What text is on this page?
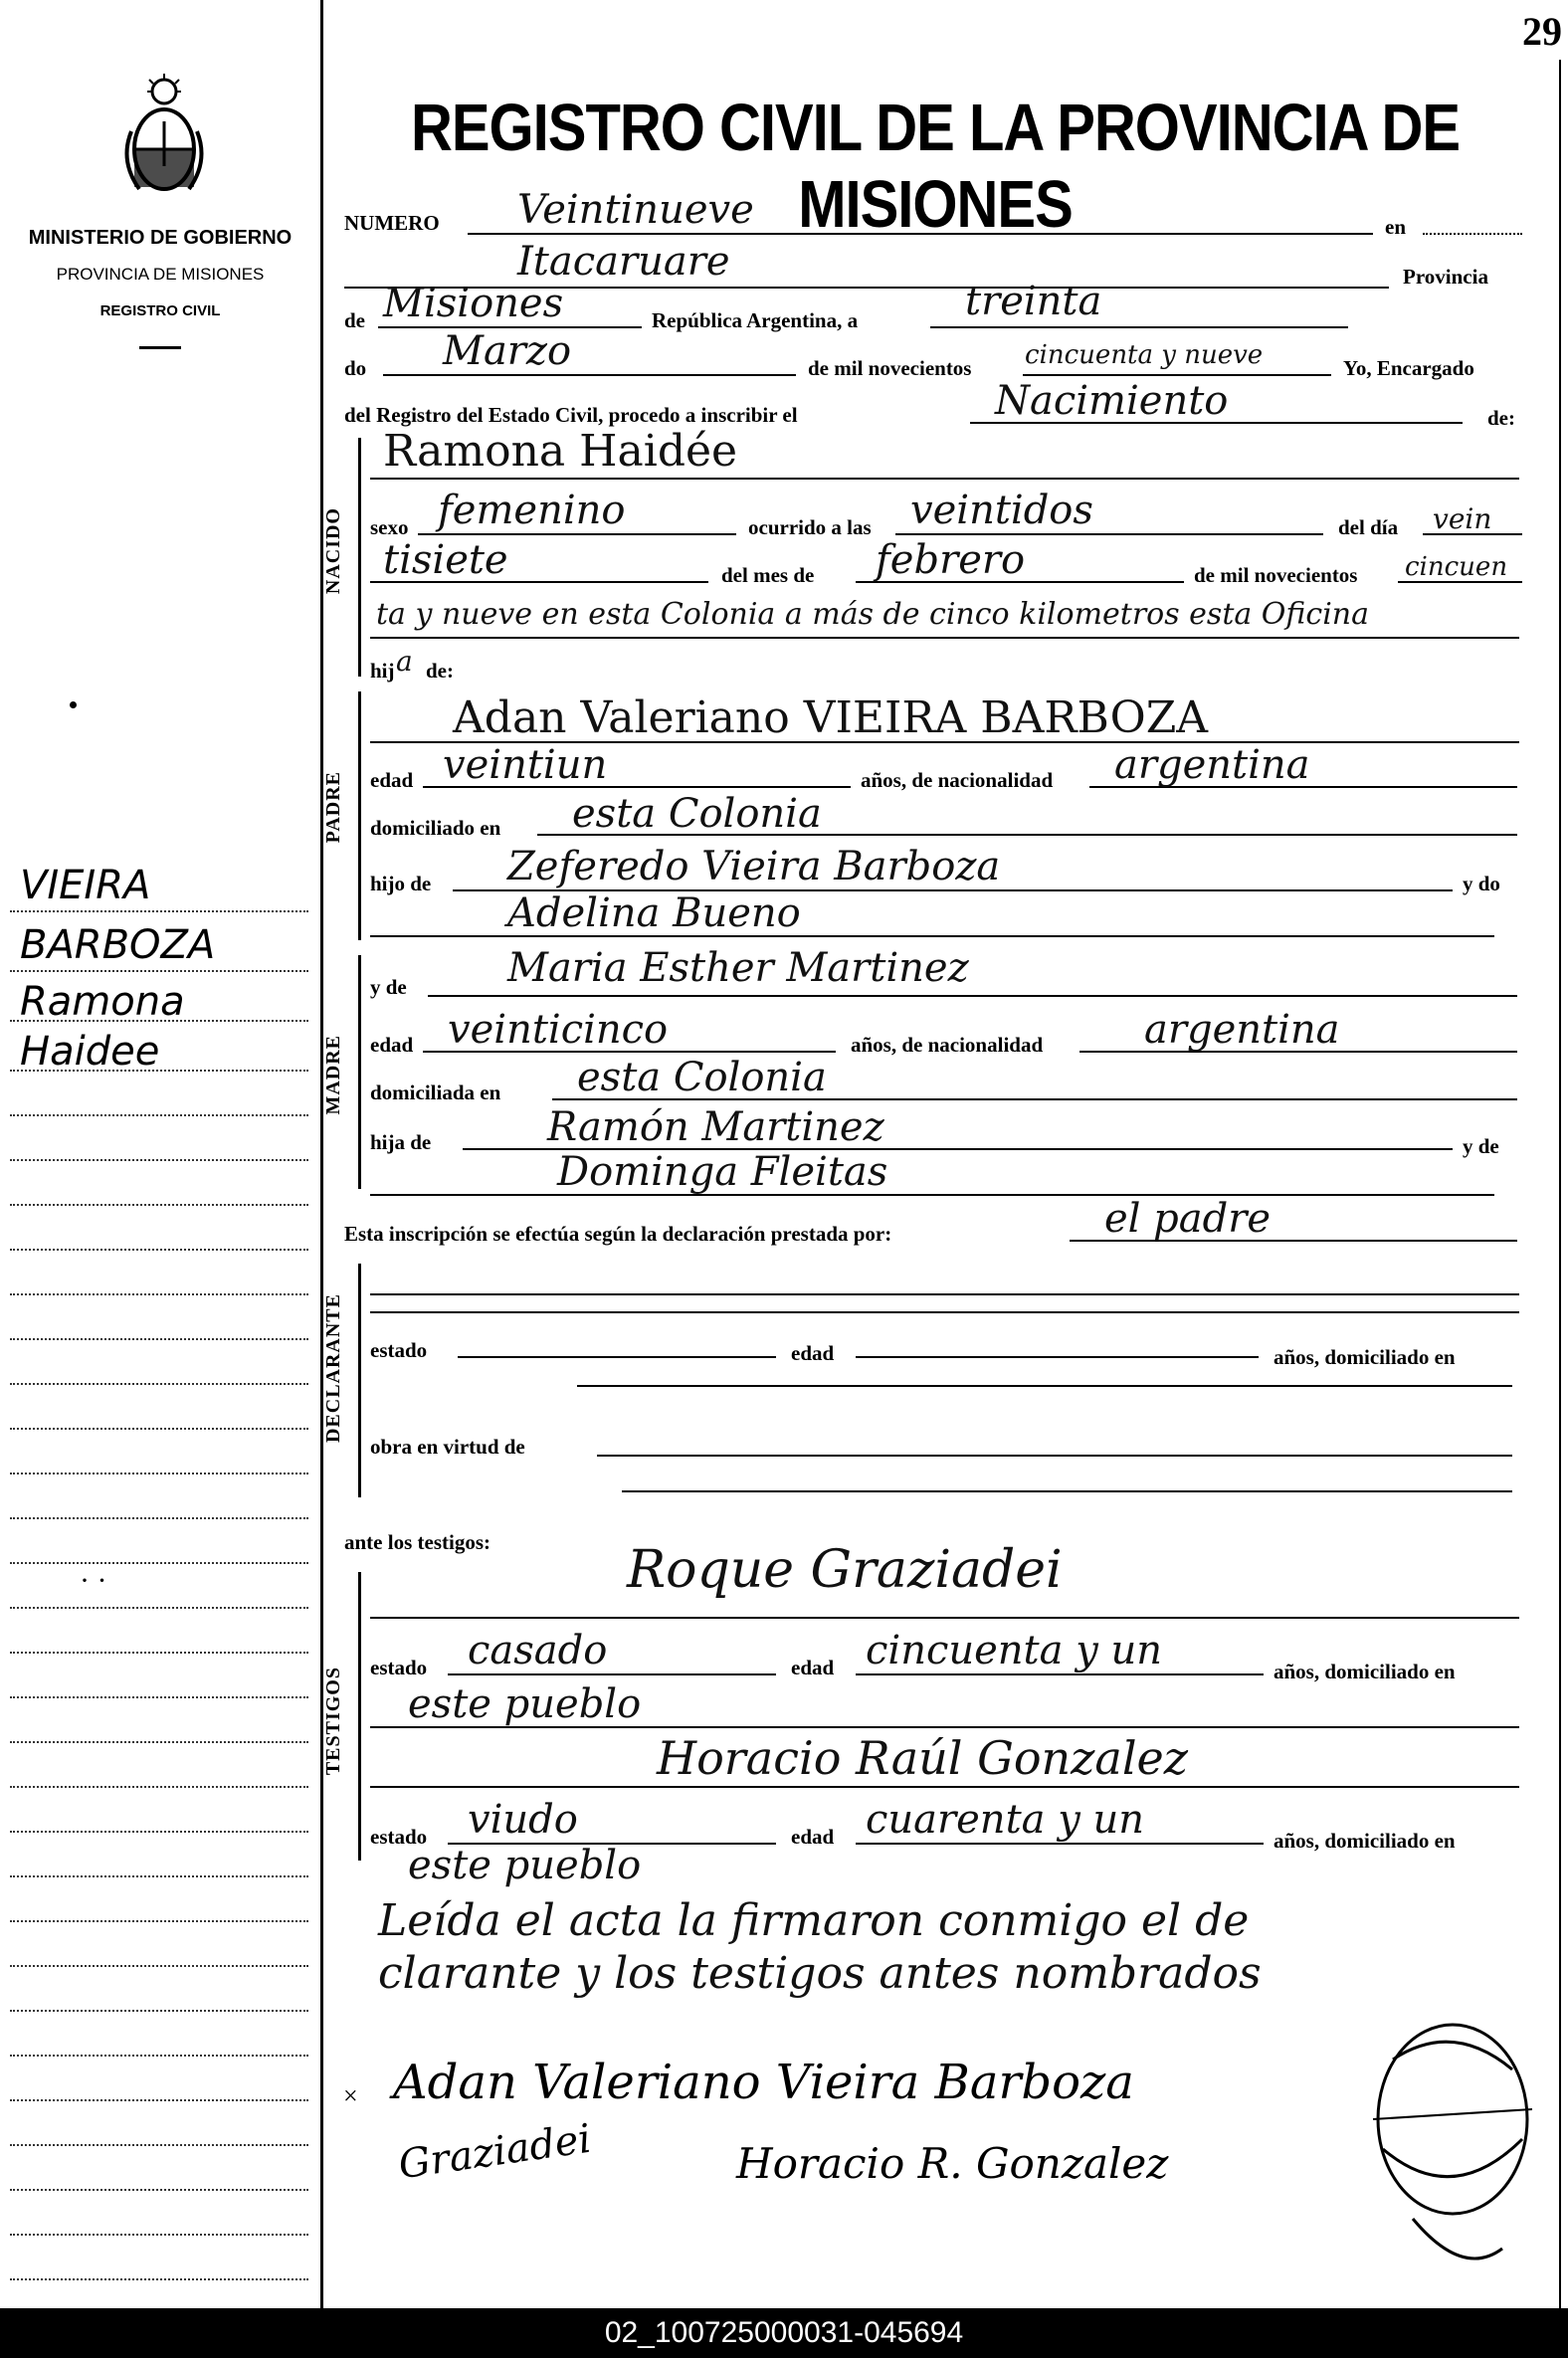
29
MINISTERIO DE GOBIERNO
PROVINCIA DE MISIONES
REGISTRO CIVIL
VIEIRA
BARBOZA
Ramona
Haidee
· ·
REGISTRO CIVIL DE LA PROVINCIA DE MISIONES
NUMERO Veintinueve	en
Itacaruare	Provincia
de Misiones	República Argentina, a	treinta
do Marzo	de mil novecientos cincuenta y nueve	Yo, Encargado
del Registro del Estado Civil, procedo a inscribir el	Nacimiento	de:
NACIDO
Ramona Haidée
sexo femenino	ocurrido a las veintidos	del día vein
tisiete	del mes de febrero	de mil novecientos cincuen
ta y nueve en esta Colonia a más de cinco kilometros esta Oficina
hij a de:
PADRE
Adan Valeriano VIEIRA BARBOZA
edad veintiun	años, de nacionalidad argentina
domiciliado en esta Colonia
hijo de Zeferedo Vieira Barboza	y do
Adelina Bueno
MADRE
y de	Maria Esther Martinez
edad veinticinco	años, de nacionalidad	argentina
domiciliada en esta Colonia
hija de	Ramón Martinez	y de
Dominga Fleitas
Esta inscripción se efectúa según la declaración prestada por:	el padre
DECLARANTE estado	edad	años, domiciliado en
obra en virtud de
ante los testigos:
TESTIGOS
Roque Graziadei
estado casado	edad cincuenta y un	años, domiciliado en
este pueblo
Horacio Raúl Gonzalez
estado viudo	edad cuarenta y un	años, domiciliado en
este pueblo
Leída el acta la firmaron conmigo el de
clarante y los testigos antes nombrados
× Adan Valeriano Vieira Barboza
Graziadei	Horacio R. Gonzalez
02_100725000031-045694
